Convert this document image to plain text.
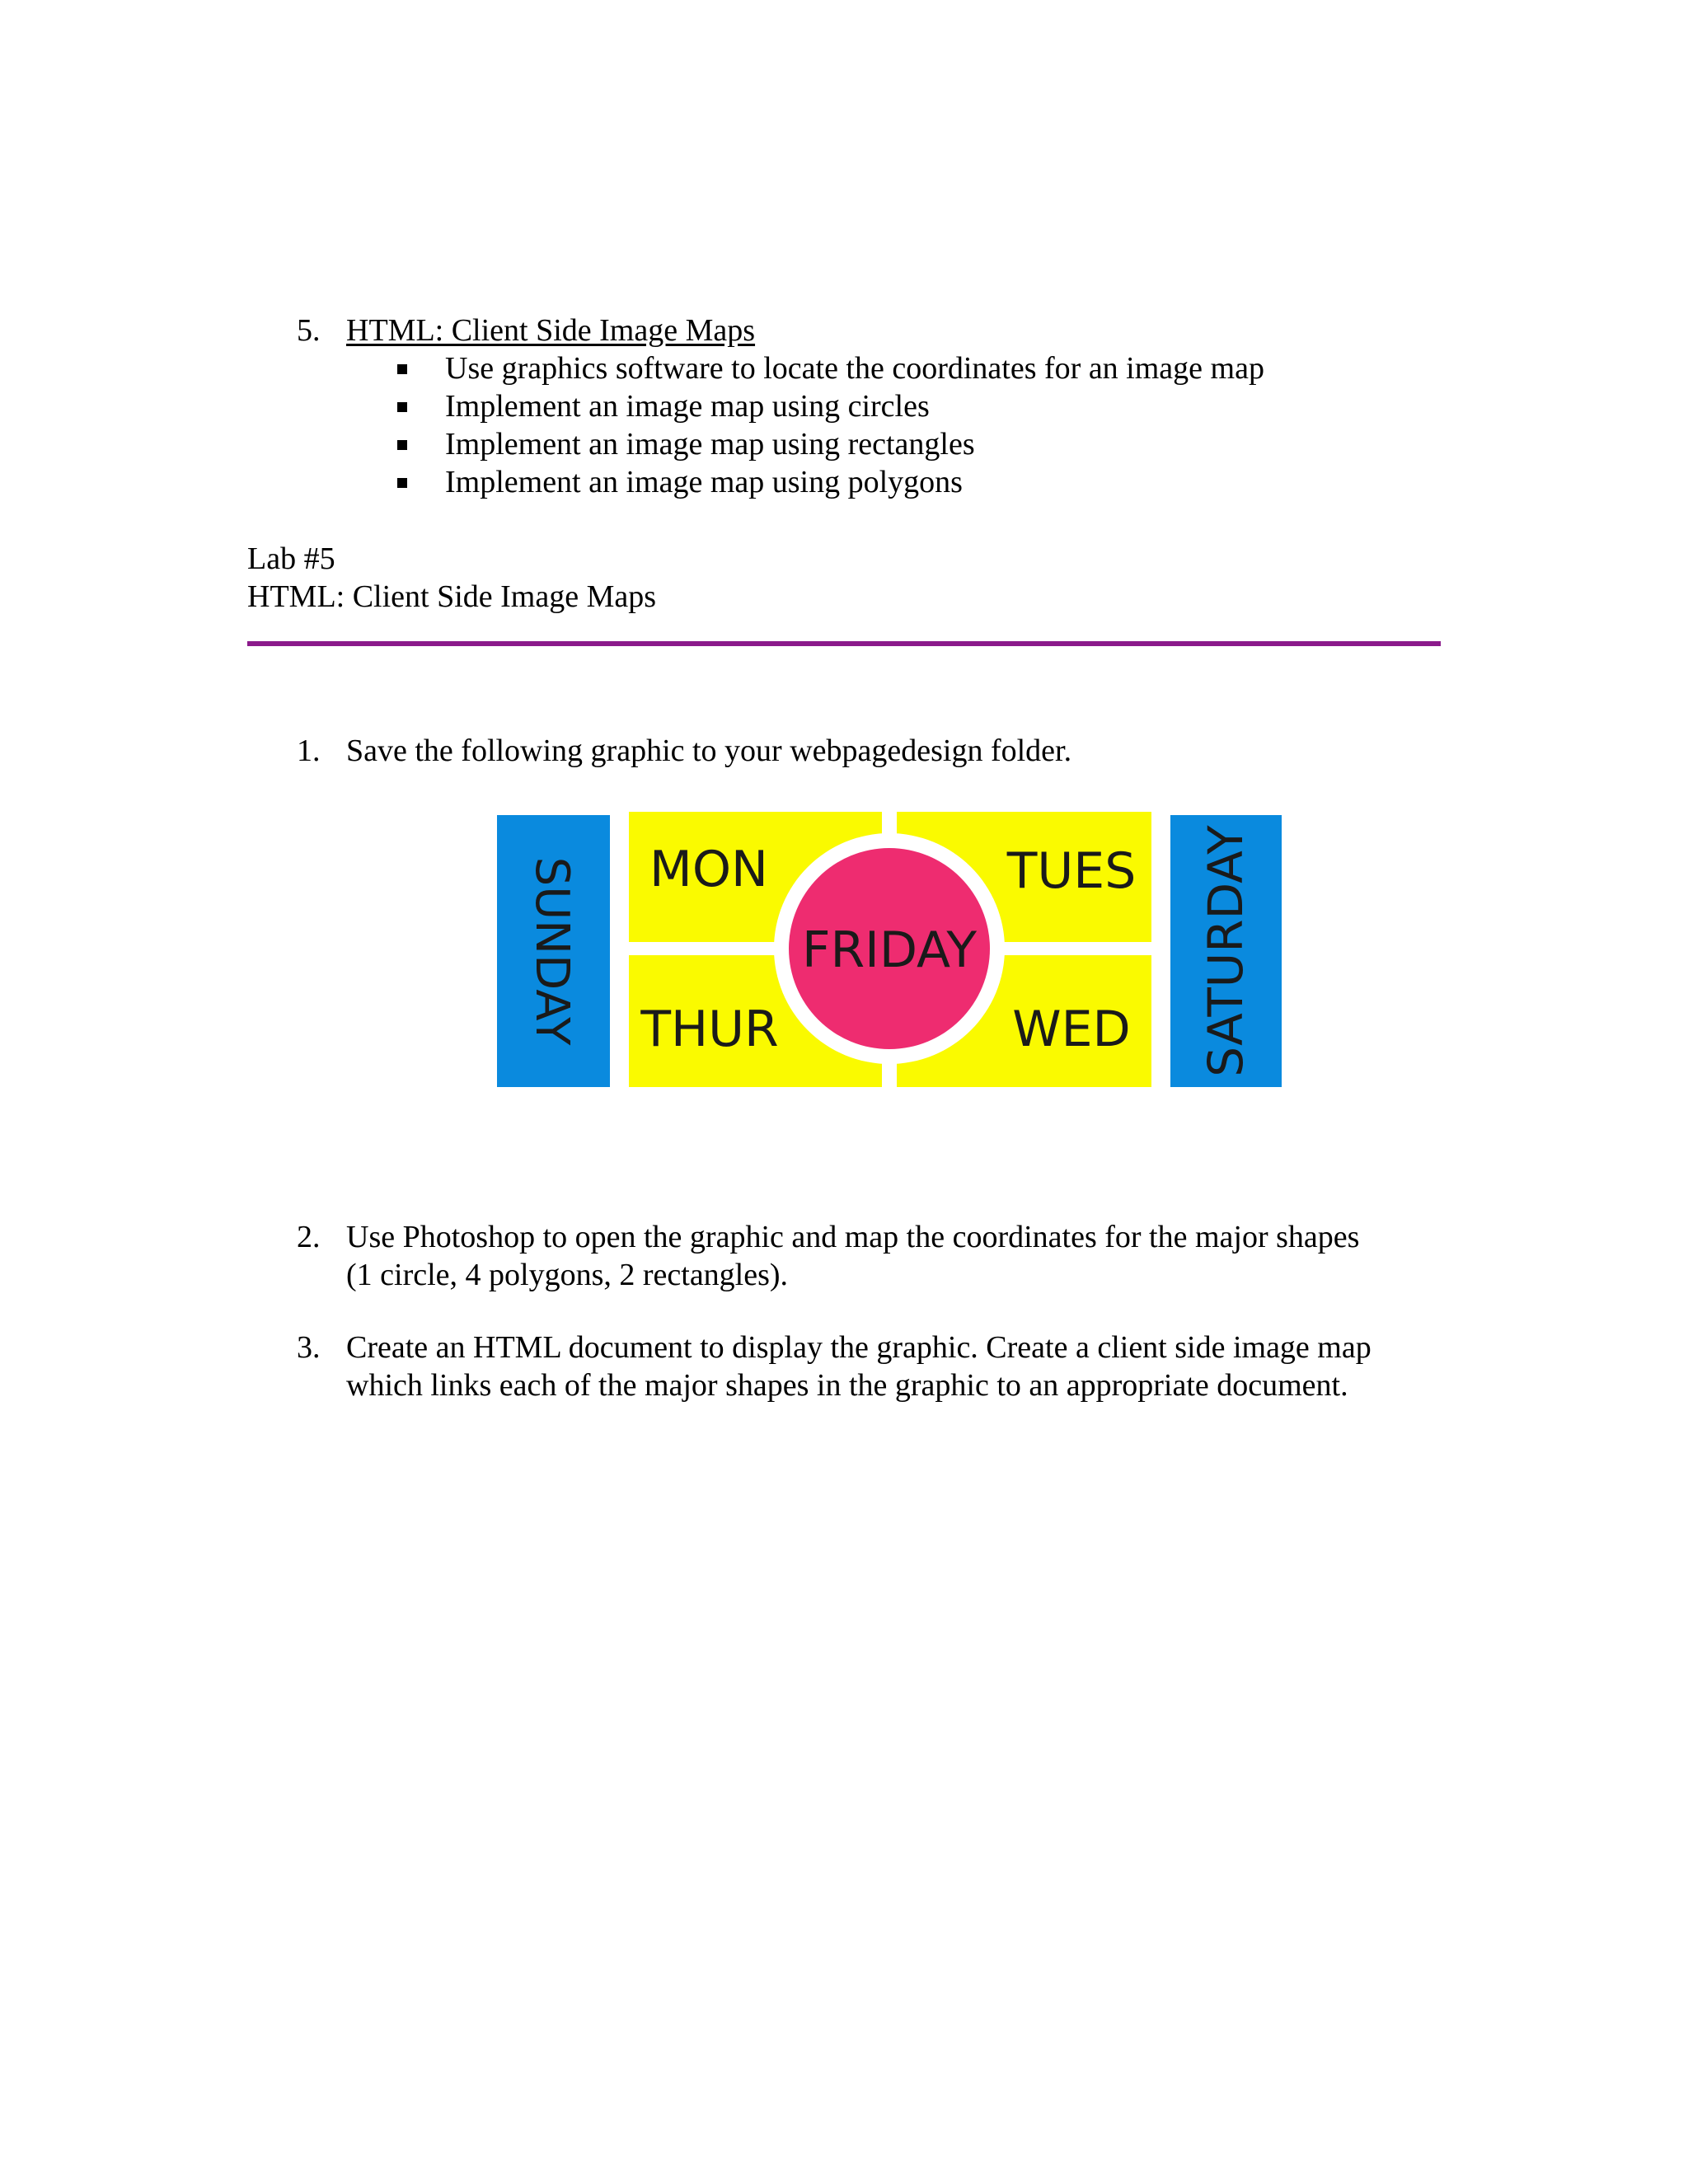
5. HTML: Client Side Image Maps
Use graphics software to locate the coordinates for an image map
Implement an image map using circles
Implement an image map using rectangles
Implement an image map using polygons
Lab #5
HTML: Client Side Image Maps
1. Save the following graphic to your webpagedesign folder.
SUNDAY MON	TUES
THUR	WED
FRIDAY	SATURDAY
2. Use Photoshop to open the graphic and map the coordinates for the major shapes
(1 circle, 4 polygons, 2 rectangles).
3. Create an HTML document to display the graphic. Create a client side image map
which links each of the major shapes in the graphic to an appropriate document.
